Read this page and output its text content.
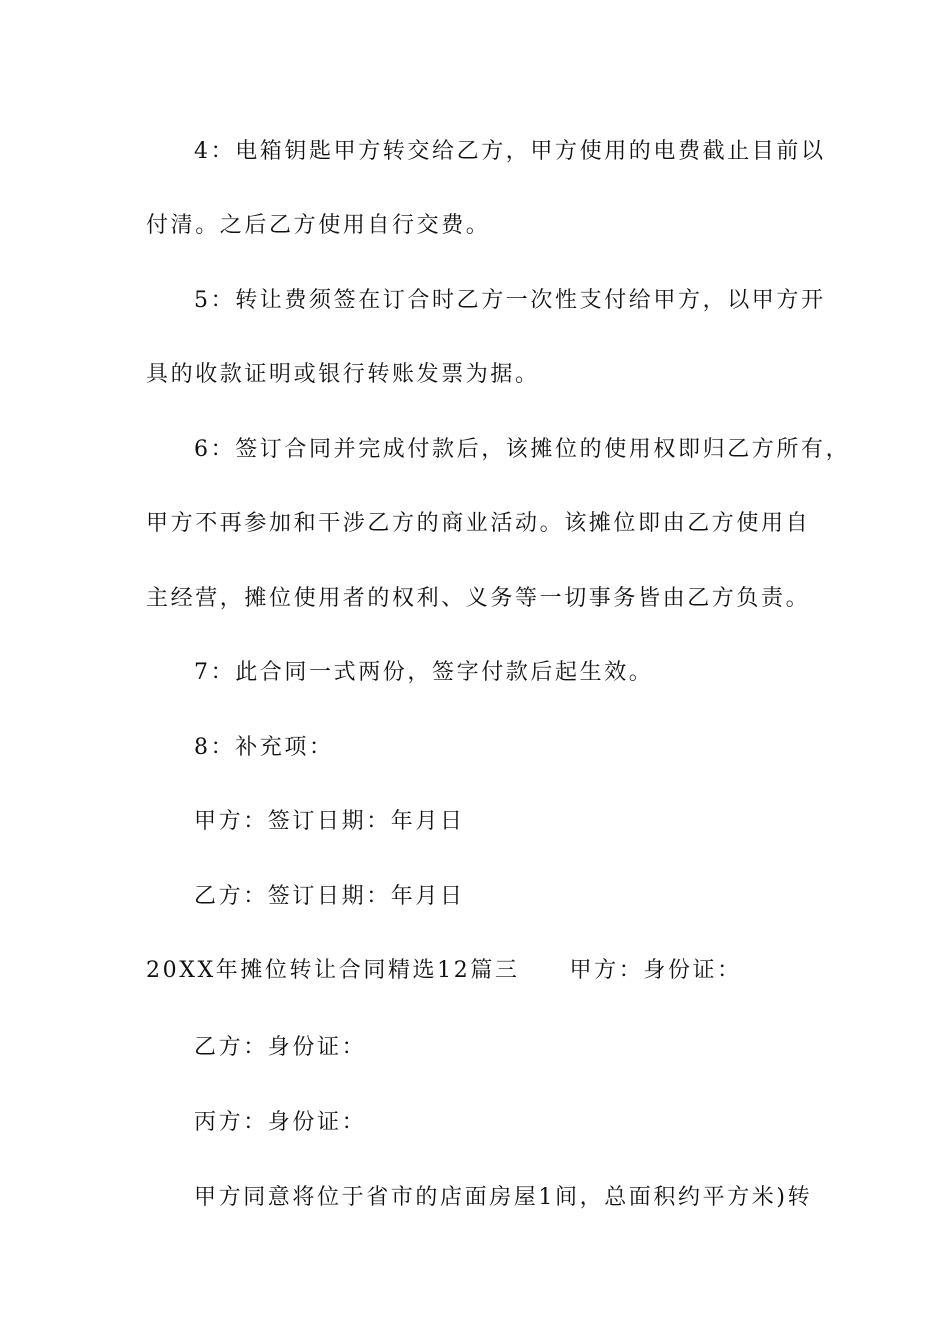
4：电箱钥匙甲方转交给乙方，甲方使用的电费截止目前以
付清。之后乙方使用自行交费。
5：转让费须签在订合时乙方一次性支付给甲方，以甲方开
具的收款证明或银行转账发票为据。
6：签订合同并完成付款后，该摊位的使用权即归乙方所有，
甲方不再参加和干涉乙方的商业活动。该摊位即由乙方使用自
主经营，摊位使用者的权利、义务等一切事务皆由乙方负责。
7：此合同一式两份，签字付款后起生效。
8：补充项：
甲方：签订日期：年月日
乙方：签订日期：年月日
20XX年摊位转让合同精选12篇三 甲方：身份证：
乙方：身份证：
丙方：身份证：
甲方同意将位于省市的店面房屋1间，总面积约平方米)转
